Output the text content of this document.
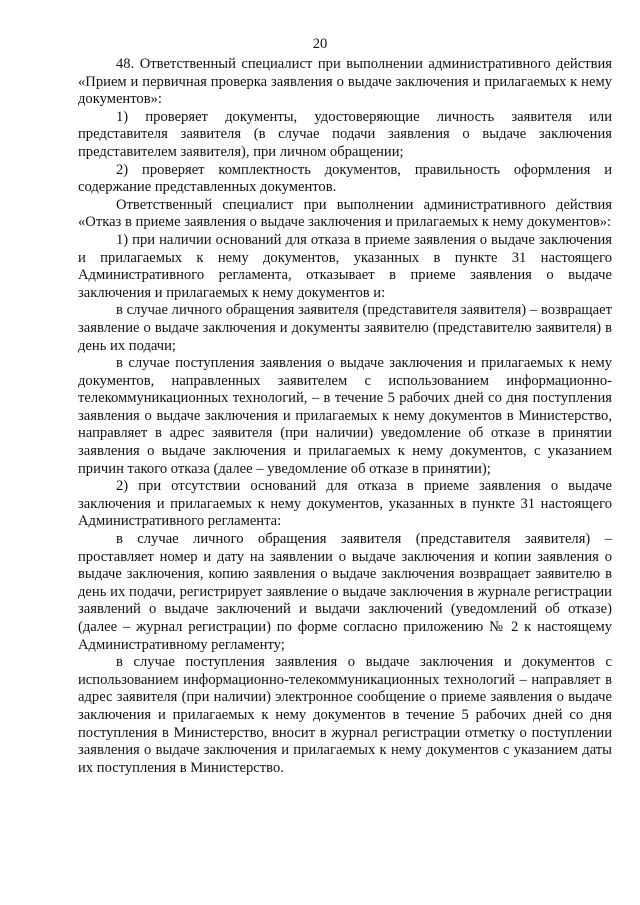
20

48. Ответственный специалист при выполнении административного действия «Прием и первичная проверка заявления о выдаче заключения и прилагаемых к нему документов»:

1) проверяет документы, удостоверяющие личность заявителя или представителя заявителя (в случае подачи заявления о выдаче заключения представителем заявителя), при личном обращении;

2) проверяет комплектность документов, правильность оформления и содержание представленных документов.

Ответственный специалист при выполнении административного действия «Отказ в приеме заявления о выдаче заключения и прилагаемых к нему документов»:

1) при наличии оснований для отказа в приеме заявления о выдаче заключения и прилагаемых к нему документов, указанных в пункте 31 настоящего Административного регламента, отказывает в приеме заявления о выдаче заключения и прилагаемых к нему документов и:

в случае личного обращения заявителя (представителя заявителя) – возвращает заявление о выдаче заключения и документы заявителю (представителю заявителя) в день их подачи;

в случае поступления заявления о выдаче заключения и прилагаемых к нему документов, направленных заявителем с использованием информационно-телекоммуникационных технологий, – в течение 5 рабочих дней со дня поступления заявления о выдаче заключения и прилагаемых к нему документов в Министерство, направляет в адрес заявителя (при наличии) уведомление об отказе в принятии заявления о выдаче заключения и прилагаемых к нему документов, с указанием причин такого отказа (далее – уведомление об отказе в принятии);

2) при отсутствии оснований для отказа в приеме заявления о выдаче заключения и прилагаемых к нему документов, указанных в пункте 31 настоящего Административного регламента:

в случае личного обращения заявителя (представителя заявителя) – проставляет номер и дату на заявлении о выдаче заключения и копии заявления о выдаче заключения, копию заявления о выдаче заключения возвращает заявителю в день их подачи, регистрирует заявление о выдаче заключения в журнале регистрации заявлений о выдаче заключений и выдачи заключений (уведомлений об отказе) (далее – журнал регистрации) по форме согласно приложению № 2 к настоящему Административному регламенту;

в случае поступления заявления о выдаче заключения и документов с использованием информационно-телекоммуникационных технологий – направляет в адрес заявителя (при наличии) электронное сообщение о приеме заявления о выдаче заключения и прилагаемых к нему документов в течение 5 рабочих дней со дня поступления в Министерство, вносит в журнал регистрации отметку о поступлении заявления о выдаче заключения и прилагаемых к нему документов с указанием даты их поступления в Министерство.
